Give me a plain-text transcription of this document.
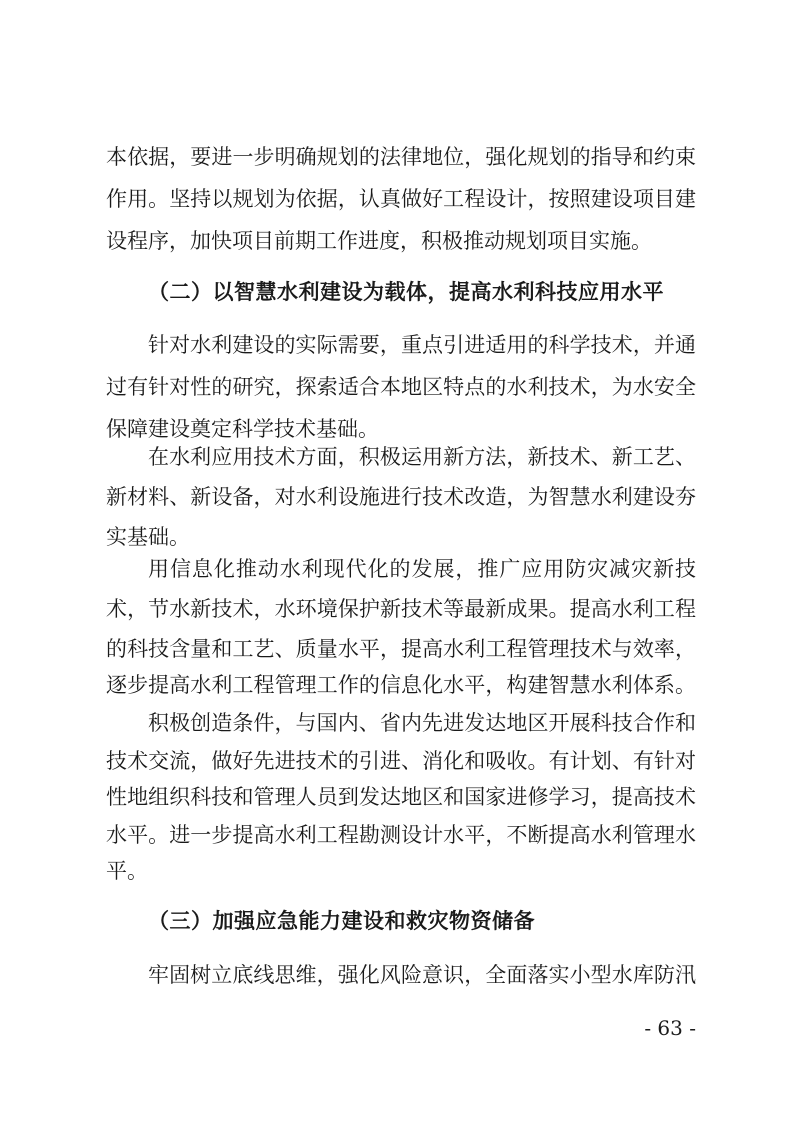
本依据，要进一步明确规划的法律地位，强化规划的指导和约束
作用。坚持以规划为依据，认真做好工程设计，按照建设项目建
设程序，加快项目前期工作进度，积极推动规划项目实施。
（二）以智慧水利建设为载体，提高水利科技应用水平
针对水利建设的实际需要，重点引进适用的科学技术，并通
过有针对性的研究，探索适合本地区特点的水利技术，为水安全
保障建设奠定科学技术基础。
在水利应用技术方面，积极运用新方法，新技术、新工艺、
新材料、新设备，对水利设施进行技术改造，为智慧水利建设夯
实基础。
用信息化推动水利现代化的发展，推广应用防灾减灾新技
术，节水新技术，水环境保护新技术等最新成果。提高水利工程
的科技含量和工艺、质量水平，提高水利工程管理技术与效率，
逐步提高水利工程管理工作的信息化水平，构建智慧水利体系。
积极创造条件，与国内、省内先进发达地区开展科技合作和
技术交流，做好先进技术的引进、消化和吸收。有计划、有针对
性地组织科技和管理人员到发达地区和国家进修学习，提高技术
水平。进一步提高水利工程勘测设计水平，不断提高水利管理水
平。
（三）加强应急能力建设和救灾物资储备
牢固树立底线思维，强化风险意识，全面落实小型水库防汛
- 63 -
